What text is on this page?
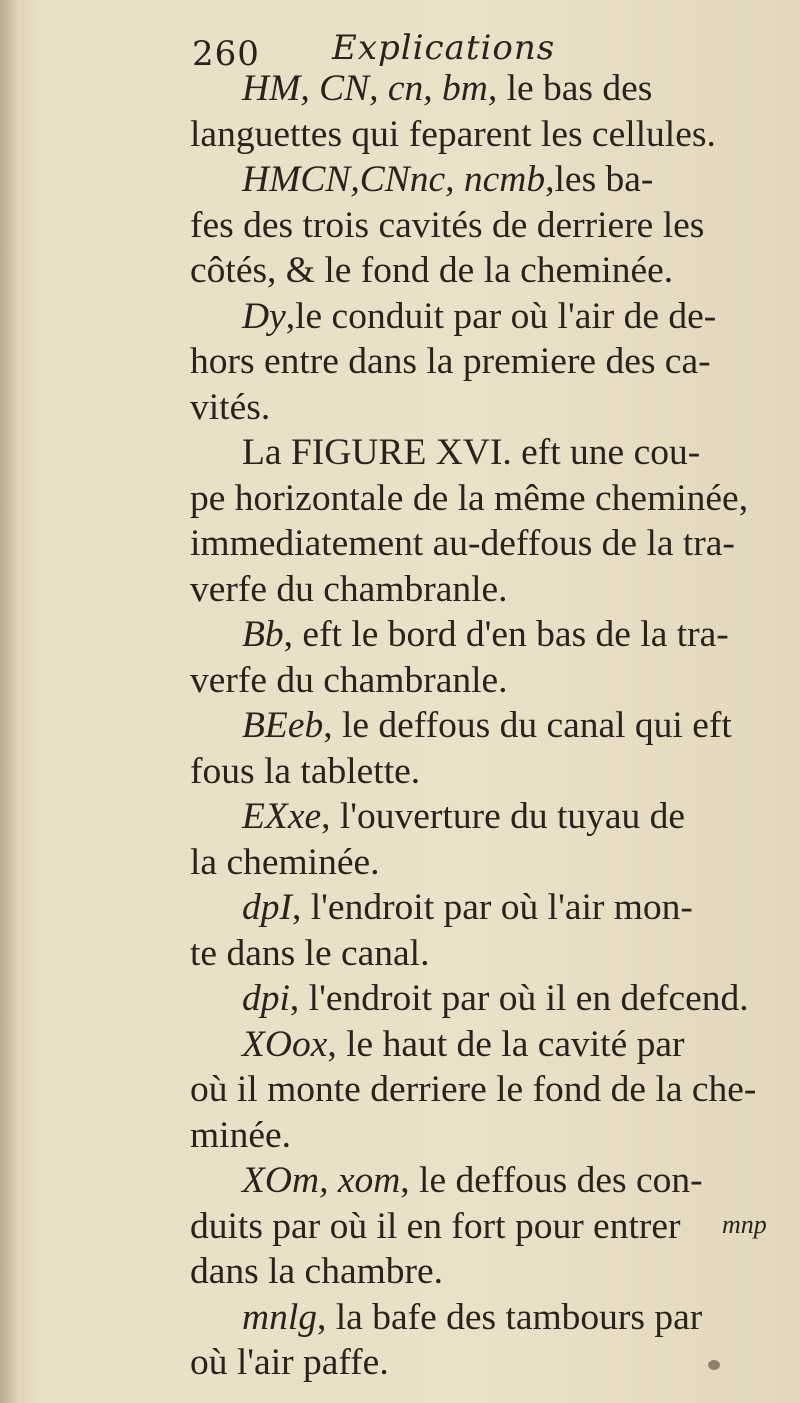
260 Explications
HM, CN, cn, bm, le bas des
languettes qui feparent les cellules.
HMCN,CNnc, ncmb,les ba-
fes des trois cavités de derriere les
côtés, & le fond de la cheminée.
Dy,le conduit par où l'air de de-
hors entre dans la premiere des ca-
vités.
La FIGURE XVI. eft une cou-
pe horizontale de la même cheminée,
immediatement au-deffous de la tra-
verfe du chambranle.
Bb, eft le bord d'en bas de la tra-
verfe du chambranle.
BEeb, le deffous du canal qui eft
fous la tablette.
EXxe, l'ouverture du tuyau de
la cheminée.
dpI, l'endroit par où l'air mon-
te dans le canal.
dpi, l'endroit par où il en defcend.
XOox, le haut de la cavité par
où il monte derriere le fond de la che-
minée.
XOm, xom, le deffous des con-
duits par où il en fort pour entrer
dans la chambre.
mnlg, la bafe des tambours par
où l'air paffe.
mnp
